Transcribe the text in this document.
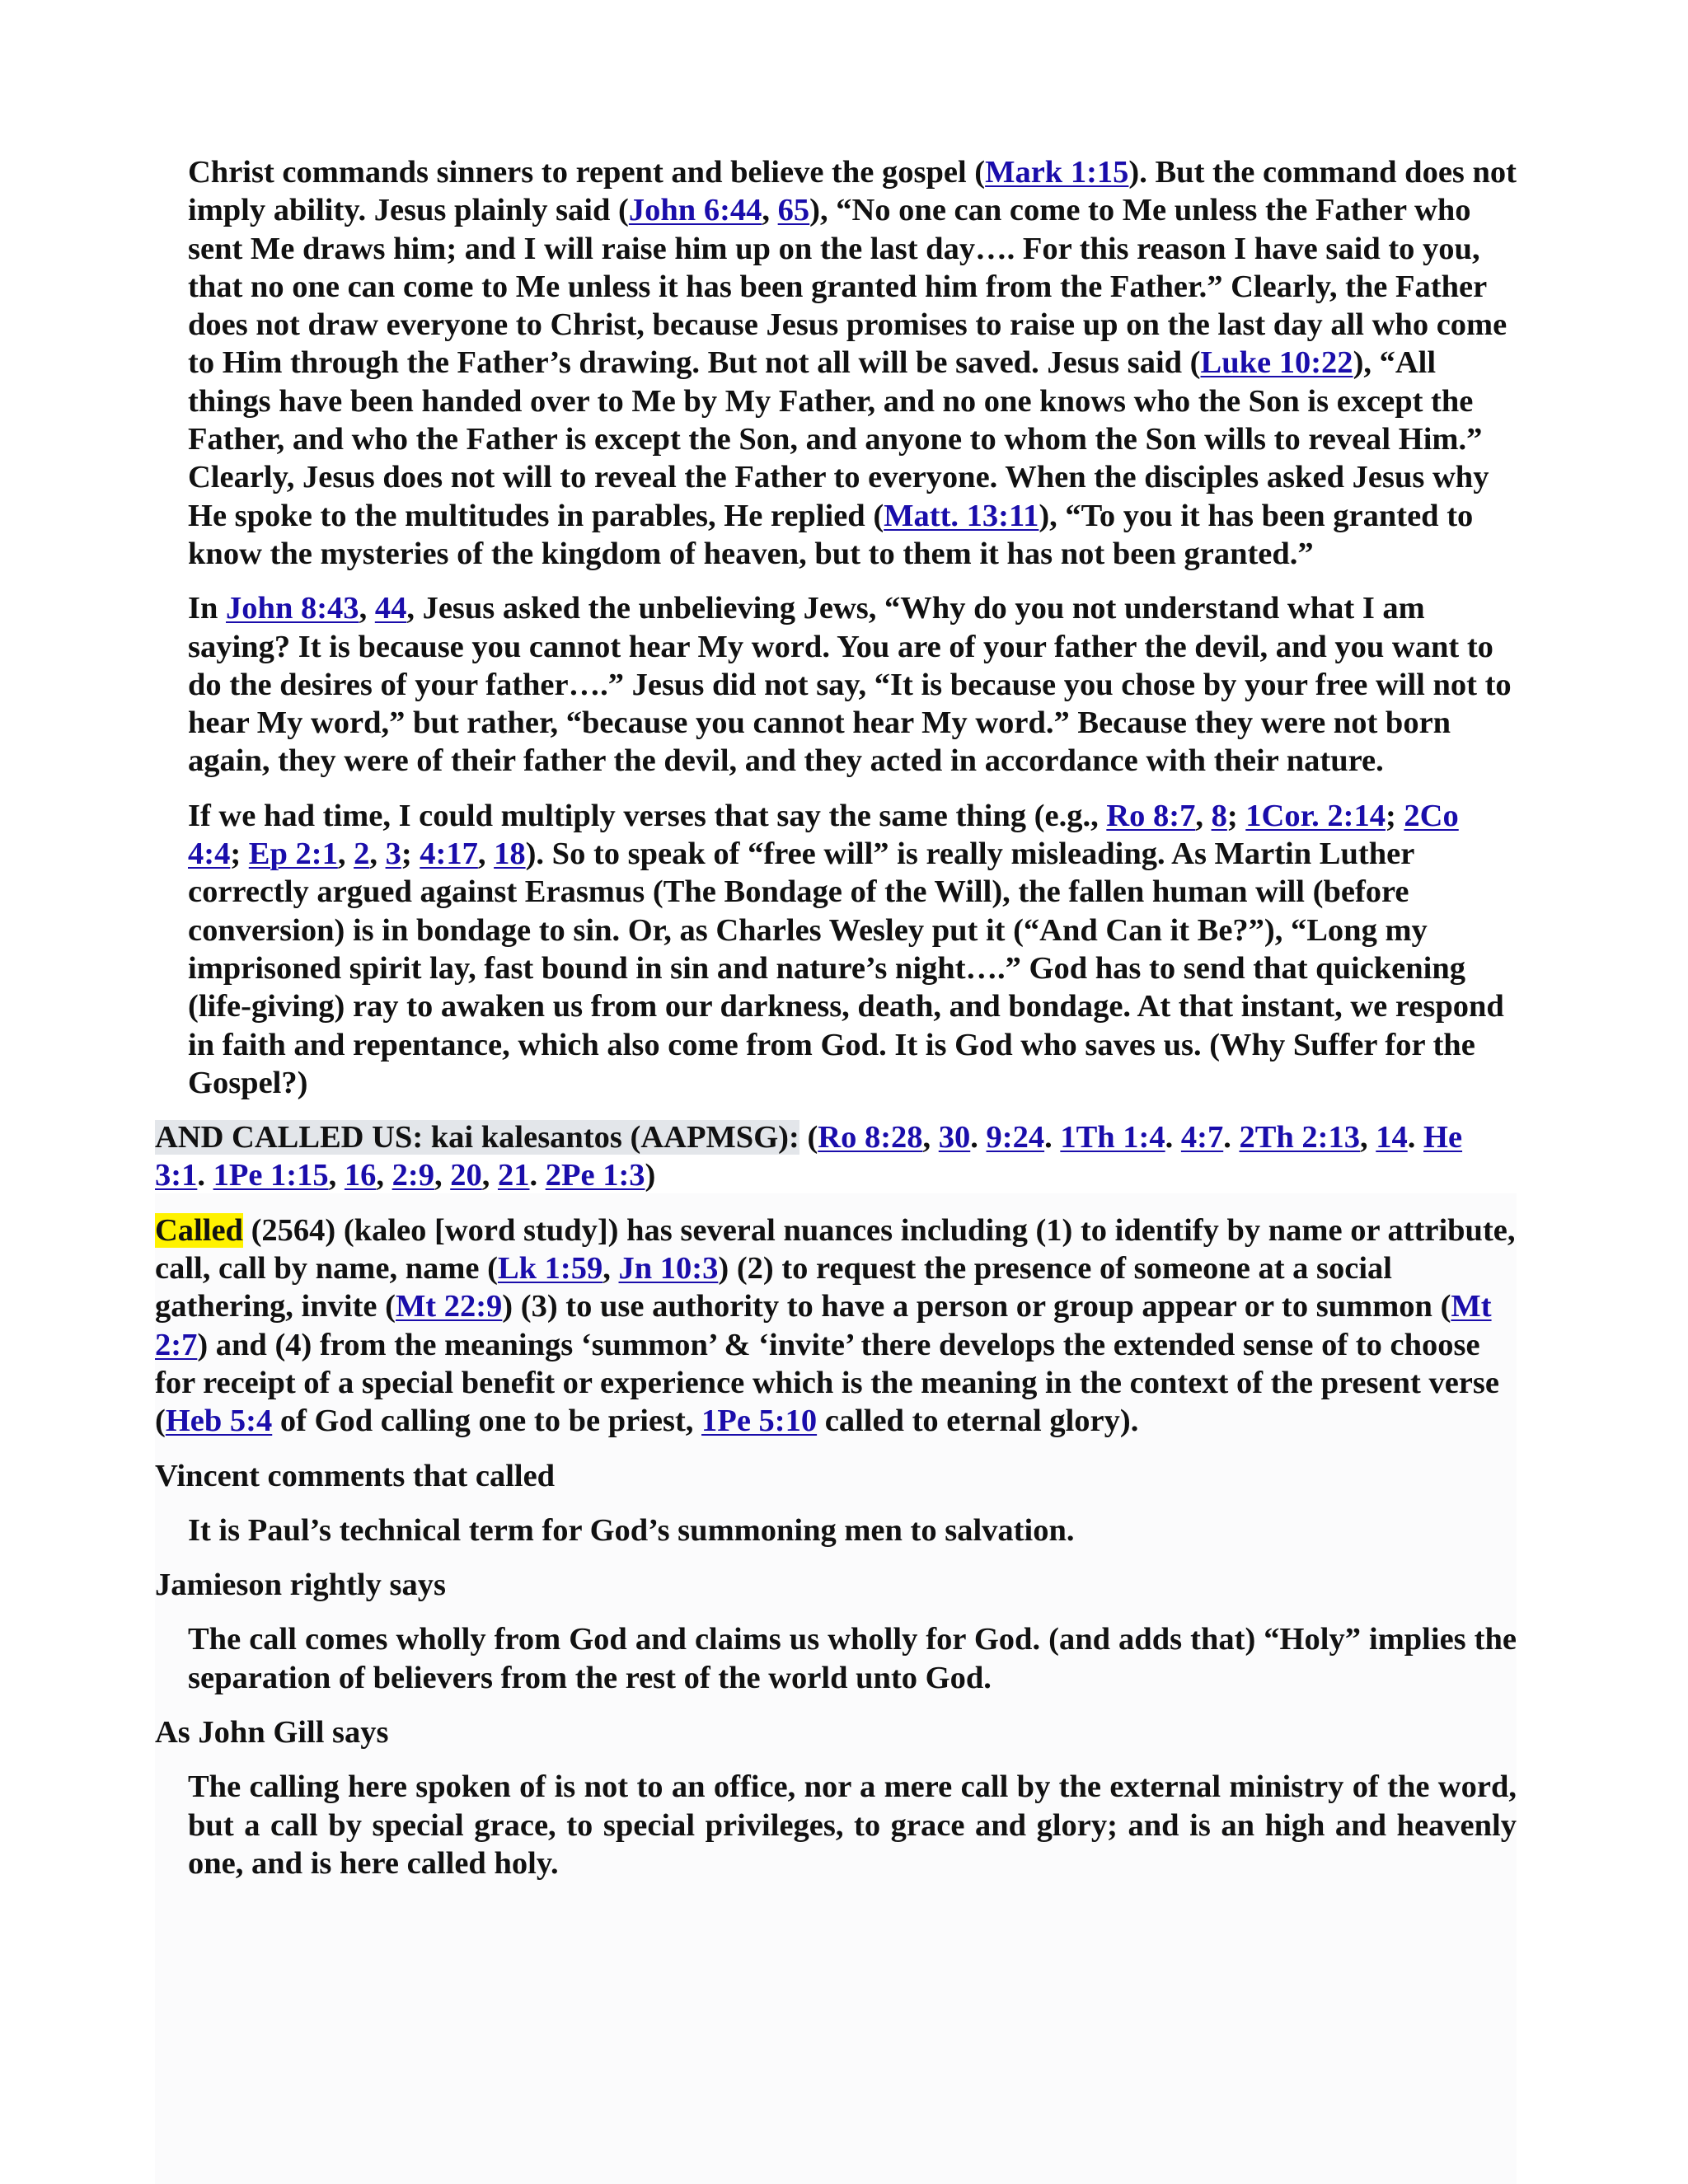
Christ commands sinners to repent and believe the gospel (Mark 1:15). But the command does not imply ability. Jesus plainly said (John 6:44, 65), “No one can come to Me unless the Father who sent Me draws him; and I will raise him up on the last day…. For this reason I have said to you, that no one can come to Me unless it has been granted him from the Father.” Clearly, the Father does not draw everyone to Christ, because Jesus promises to raise up on the last day all who come to Him through the Father’s drawing. But not all will be saved. Jesus said (Luke 10:22), “All things have been handed over to Me by My Father, and no one knows who the Son is except the Father, and who the Father is except the Son, and anyone to whom the Son wills to reveal Him.” Clearly, Jesus does not will to reveal the Father to everyone. When the disciples asked Jesus why He spoke to the multitudes in parables, He replied (Matt. 13:11), “To you it has been granted to know the mysteries of the kingdom of heaven, but to them it has not been granted.”

In John 8:43, 44, Jesus asked the unbelieving Jews, “Why do you not understand what I am saying? It is because you cannot hear My word. You are of your father the devil, and you want to do the desires of your father….” Jesus did not say, “It is because you chose by your free will not to hear My word,” but rather, “because you cannot hear My word.” Because they were not born again, they were of their father the devil, and they acted in accordance with their nature.

If we had time, I could multiply verses that say the same thing (e.g., Ro 8:7, 8; 1Cor. 2:14; 2Co 4:4; Ep 2:1, 2, 3; 4:17, 18). So to speak of “free will” is really misleading. As Martin Luther correctly argued against Erasmus (The Bondage of the Will), the fallen human will (before conversion) is in bondage to sin. Or, as Charles Wesley put it (“And Can it Be?”), “Long my imprisoned spirit lay, fast bound in sin and nature’s night….” God has to send that quickening (life-giving) ray to awaken us from our darkness, death, and bondage. At that instant, we respond in faith and repentance, which also come from God. It is God who saves us. (Why Suffer for the Gospel?)

AND CALLED US: kai kalesantos (AAPMSG): (Ro 8:28, 30. 9:24. 1Th 1:4. 4:7. 2Th 2:13, 14. He 3:1. 1Pe 1:15, 16, 2:9, 20, 21. 2Pe 1:3)

Called (2564) (kaleo [word study]) has several nuances including (1) to identify by name or attribute, call, call by name, name (Lk 1:59, Jn 10:3) (2) to request the presence of someone at a social gathering, invite (Mt 22:9) (3) to use authority to have a person or group appear or to summon (Mt 2:7) and (4) from the meanings ‘summon’ & ‘invite’ there develops the extended sense of to choose for receipt of a special benefit or experience which is the meaning in the context of the present verse (Heb 5:4 of God calling one to be priest, 1Pe 5:10 called to eternal glory).

Vincent comments that called

It is Paul’s technical term for God’s summoning men to salvation.

Jamieson rightly says

The call comes wholly from God and claims us wholly for God. (and adds that) “Holy” implies the separation of believers from the rest of the world unto God.

As John Gill says

The calling here spoken of is not to an office, nor a mere call by the external ministry of the word, but a call by special grace, to special privileges, to grace and glory; and is an high and heavenly one, and is here called holy.
